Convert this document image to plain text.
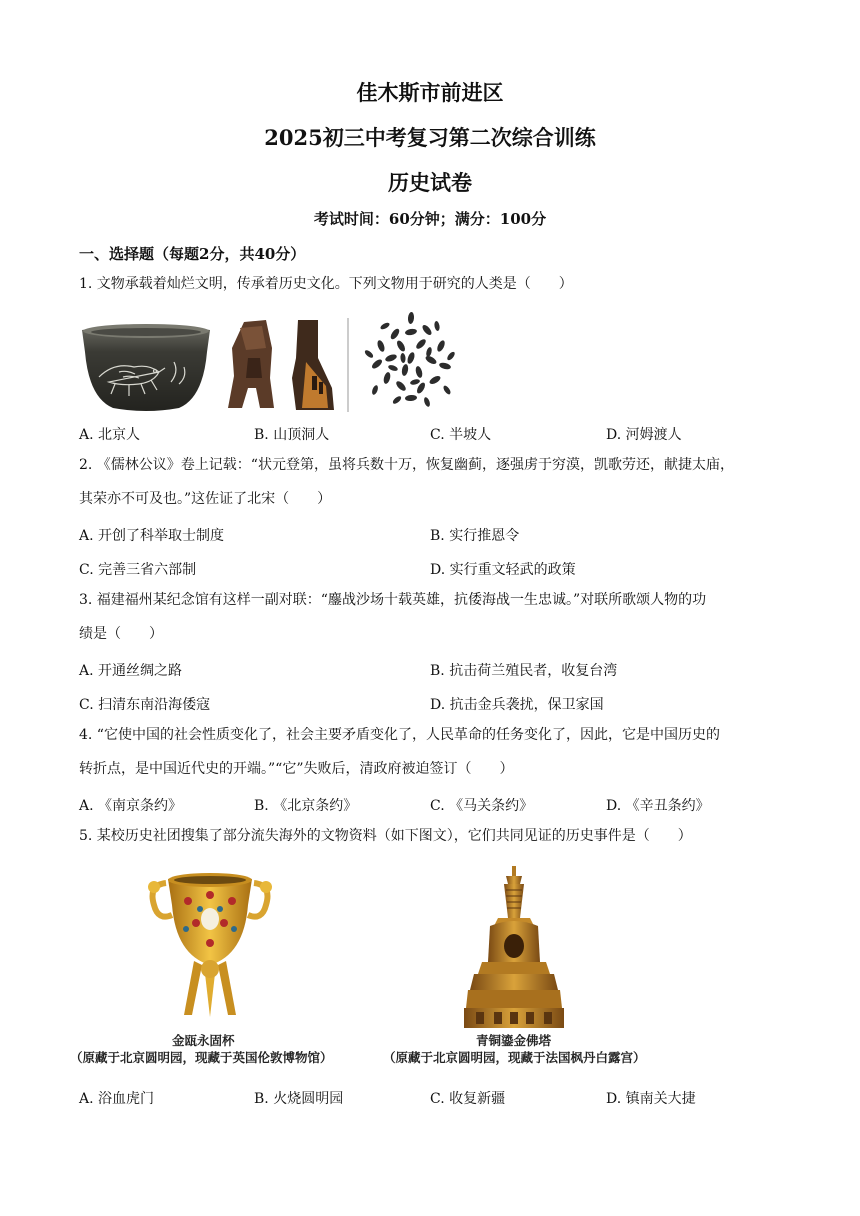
佳木斯市前进区
2025初三中考复习第二次综合训练
历史试卷
考试时间：60分钟；满分：100分
一、选择题（每题2分，共40分）
1. 文物承载着灿烂文明，传承着历史文化。下列文物用于研究的人类是（　　）
A. 北京人	B. 山顶洞人	C. 半坡人	D. 河姆渡人
2. 《儒林公议》卷上记载：“状元登第，虽将兵数十万，恢复幽蓟，逐强虏于穷漠，凯歌劳还，献捷太庙，
其荣亦不可及也。”这佐证了北宋（　　）
A. 开创了科举取士制度	B. 实行推恩令
C. 完善三省六部制	D. 实行重文轻武的政策
3. 福建福州某纪念馆有这样一副对联：“鏖战沙场十载英雄，抗倭海战一生忠诚。”对联所歌颂人物的功
绩是（　　）
A. 开通丝绸之路	B. 抗击荷兰殖民者，收复台湾
C. 扫清东南沿海倭寇	D. 抗击金兵袭扰，保卫家国
4. “它使中国的社会性质变化了，社会主要矛盾变化了，人民革命的任务变化了，因此，它是中国历史的
转折点，是中国近代史的开端。”“它”失败后，清政府被迫签订（　　）
A. 《南京条约》	B. 《北京条约》	C. 《马关条约》	D. 《辛丑条约》
5. 某校历史社团搜集了部分流失海外的文物资料（如下图文），它们共同见证的历史事件是（　　）
金瓯永固杯
（原藏于北京圆明园，现藏于英国伦敦博物馆）
青铜鎏金佛塔
（原藏于北京圆明园，现藏于法国枫丹白露宫）
A. 浴血虎门	B. 火烧圆明园	C. 收复新疆	D. 镇南关大捷
